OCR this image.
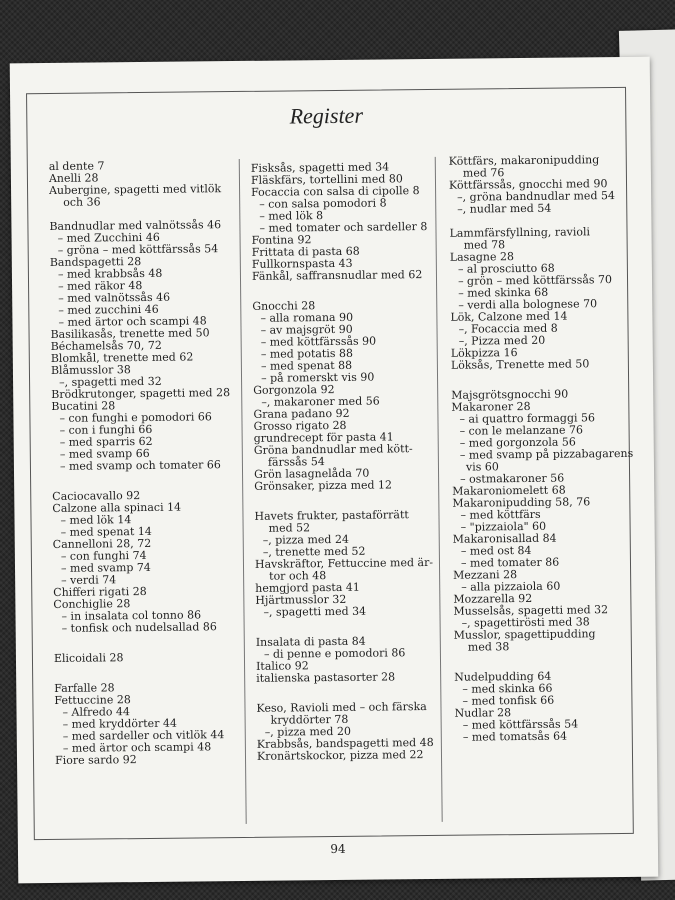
Register
al dente 7
Anelli 28
Aubergine, spagetti med vitlök
och 36
Bandnudlar med valnötssås 46
– med Zucchini 46
– gröna – med köttfärssås 54
Bandspagetti 28
– med krabbsås 48
– med räkor 48
– med valnötssås 46
– med zucchini 46
– med ärtor och scampi 48
Basilikasås, trenette med 50
Béchamelsås 70, 72
Blomkål, trenette med 62
Blåmusslor 38
–, spagetti med 32
Brödkrutonger, spagetti med 28
Bucatini 28
– con funghi e pomodori 66
– con i funghi 66
– med sparris 62
– med svamp 66
– med svamp och tomater 66
Caciocavallo 92
Calzone alla spinaci 14
– med lök 14
– med spenat 14
Cannelloni 28, 72
– con funghi 74
– med svamp 74
– verdi 74
Chifferi rigati 28
Conchiglie 28
– in insalata col tonno 86
– tonfisk och nudelsallad 86
Elicoidali 28
Farfalle 28
Fettuccine 28
– Alfredo 44
– med kryddörter 44
– med sardeller och vitlök 44
– med ärtor och scampi 48
Fiore sardo 92
Fisksås, spagetti med 34
Fläskfärs, tortellini med 80
Focaccia con salsa di cipolle 8
– con salsa pomodori 8
– med lök 8
– med tomater och sardeller 8
Fontina 92
Frittata di pasta 68
Fullkornspasta 43
Fänkål, saffransnudlar med 62
Gnocchi 28
– alla romana 90
– av majsgröt 90
– med köttfärssås 90
– med potatis 88
– med spenat 88
– på romerskt vis 90
Gorgonzola 92
–, makaroner med 56
Grana padano 92
Grosso rigato 28
grundrecept för pasta 41
Gröna bandnudlar med kött-
färssås 54
Grön lasagnelåda 70
Grönsaker, pizza med 12
Havets frukter, pastaförrätt
med 52
–, pizza med 24
–, trenette med 52
Havskräftor, Fettuccine med är-
tor och 48
hemgjord pasta 41
Hjärtmusslor 32
–, spagetti med 34
Insalata di pasta 84
– di penne e pomodori 86
Italico 92
italienska pastasorter 28
Keso, Ravioli med – och färska
kryddörter 78
–, pizza med 20
Krabbsås, bandspagetti med 48
Kronärtskockor, pizza med 22
Köttfärs, makaronipudding
med 76
Köttfärssås, gnocchi med 90
–, gröna bandnudlar med 54
–, nudlar med 54
Lammfärsfyllning, ravioli
med 78
Lasagne 28
– al prosciutto 68
– grön – med köttfärssås 70
– med skinka 68
– verdi alla bolognese 70
Lök, Calzone med 14
–, Focaccia med 8
–, Pizza med 20
Lökpizza 16
Löksås, Trenette med 50
Majsgrötsgnocchi 90
Makaroner 28
– ai quattro formaggi 56
– con le melanzane 76
– med gorgonzola 56
– med svamp på pizzabagarens
vis 60
– ostmakaroner 56
Makaroniomelett 68
Makaronipudding 58, 76
– med köttfärs
– "pizzaiola" 60
Makaronisallad 84
– med ost 84
– med tomater 86
Mezzani 28
– alla pizzaiola 60
Mozzarella 92
Musselsås, spagetti med 32
–, spagettirösti med 38
Musslor, spagettipudding
med 38
Nudelpudding 64
– med skinka 66
– med tonfisk 66
Nudlar 28
– med köttfärssås 54
– med tomatsås 64
94
